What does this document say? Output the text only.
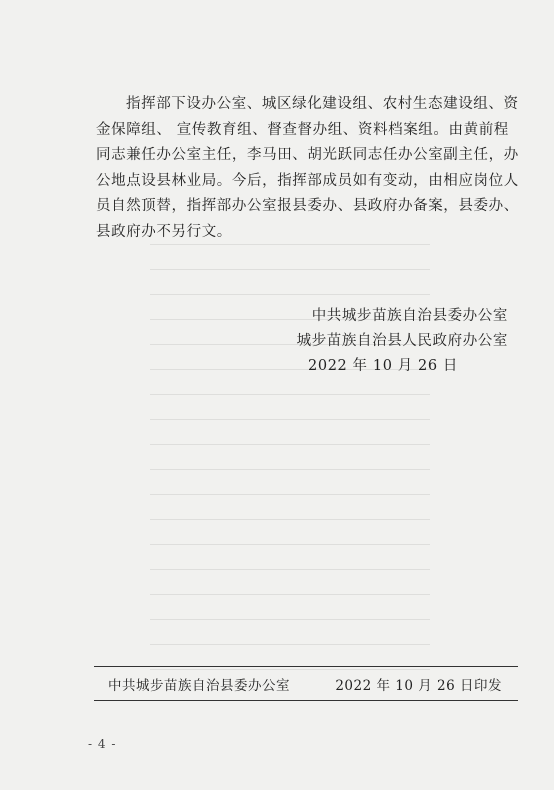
指挥部下设办公室、城区绿化建设组、农村生态建设组、资
金保障组、 宣传教育组、督查督办组、资料档案组。由黄前程
同志兼任办公室主任，李马田、胡光跃同志任办公室副主任，办
公地点设县林业局。今后，指挥部成员如有变动，由相应岗位人
员自然顶替，指挥部办公室报县委办、县政府办备案，县委办、
县政府办不另行文。
中共城步苗族自治县委办公室
城步苗族自治县人民政府办公室
2022 年 10 月 26 日
中共城步苗族自治县委办公室	2022 年 10 月 26 日印发
- 4 -
